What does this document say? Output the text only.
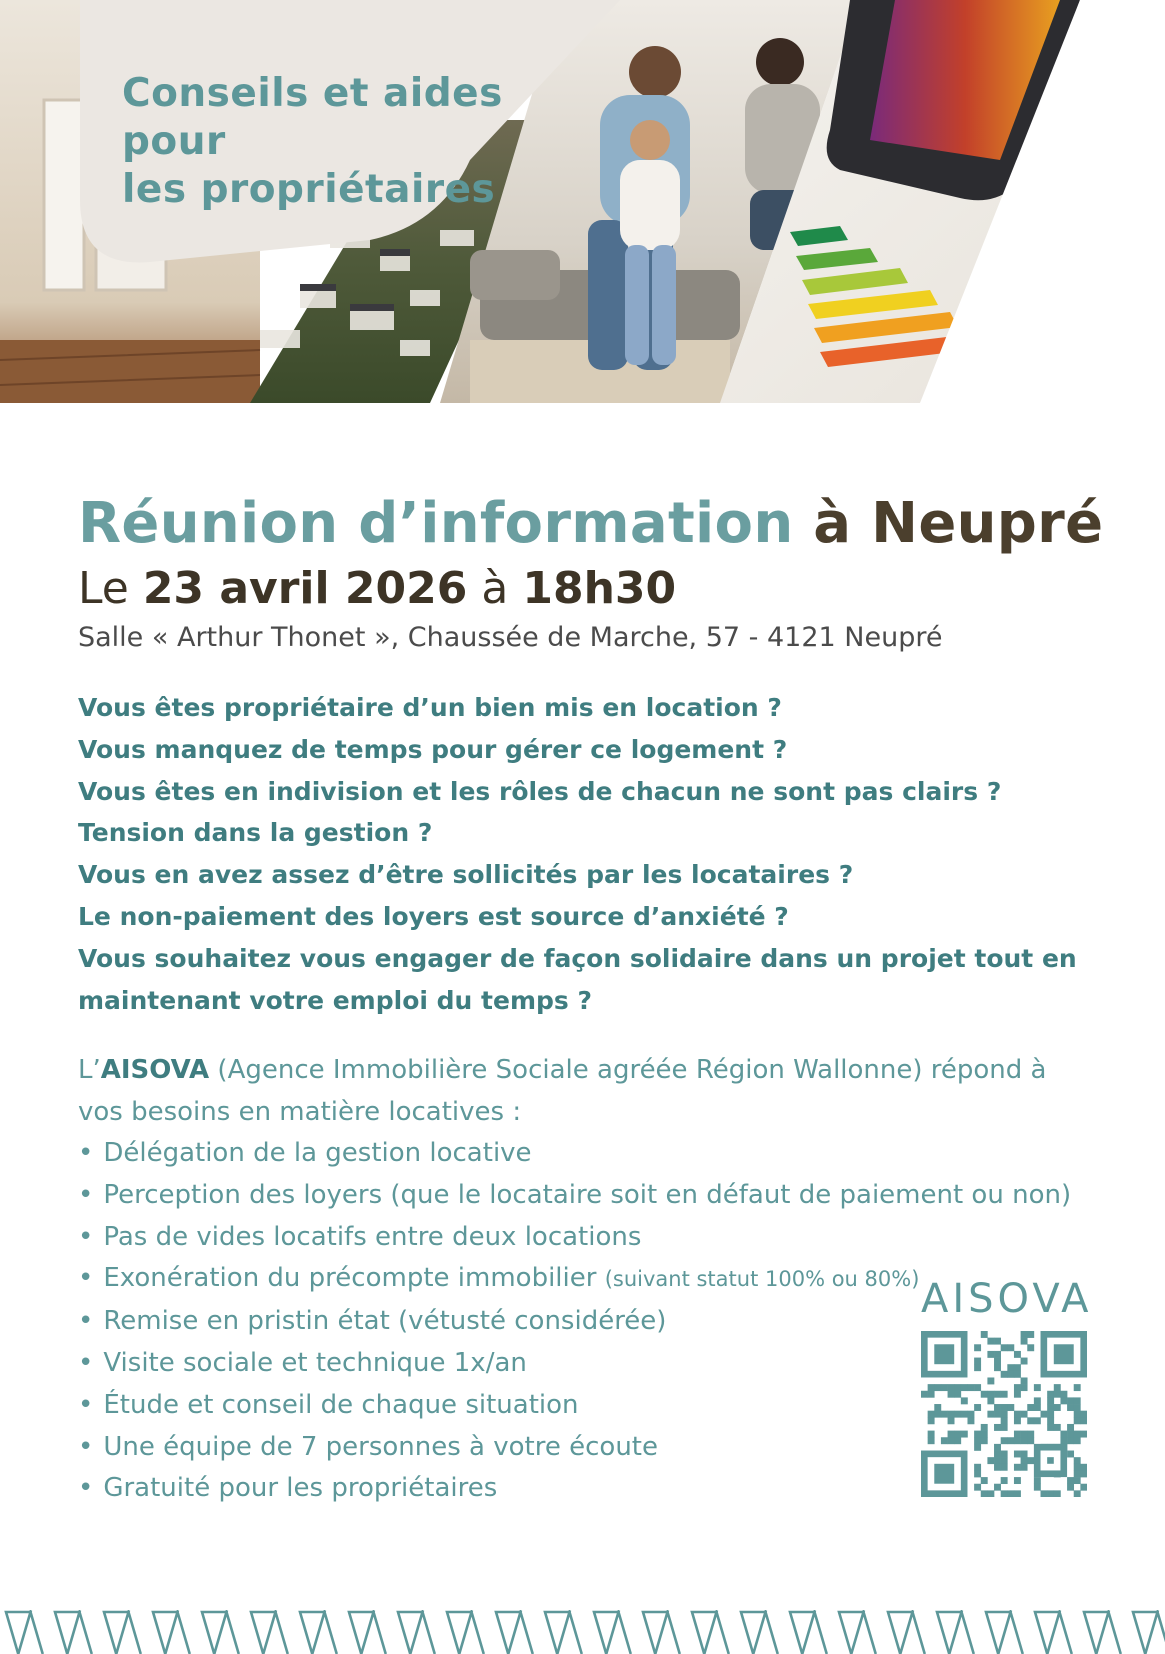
Conseils et aides pour
les propriétaires
Réunion d’information à Neupré
Le 23 avril 2026 à 18h30
Salle « Arthur Thonet », Chaussée de Marche, 57 - 4121 Neupré
Vous êtes propriétaire d’un bien mis en location ?
Vous manquez de temps pour gérer ce logement ?
Vous êtes en indivision et les rôles de chacun ne sont pas clairs ?
Tension dans la gestion ?
Vous en avez assez d’être sollicités par les locataires ?
Le non-paiement des loyers est source d’anxiété ?
Vous souhaitez vous engager de façon solidaire dans un projet tout en maintenant votre emploi du temps ?
L’AISOVA (Agence Immobilière Sociale agréée Région Wallonne) répond à vos besoins en matière locatives :
• Délégation de la gestion locative
• Perception des loyers (que le locataire soit en défaut de paiement ou non)
• Pas de vides locatifs entre deux locations
• Exonération du précompte immobilier (suivant statut 100% ou 80%)
• Remise en pristin état (vétusté considérée)
• Visite sociale et technique 1x/an
• Étude et conseil de chaque situation
• Une équipe de 7 personnes à votre écoute
• Gratuité pour les propriétaires
AISOVA
